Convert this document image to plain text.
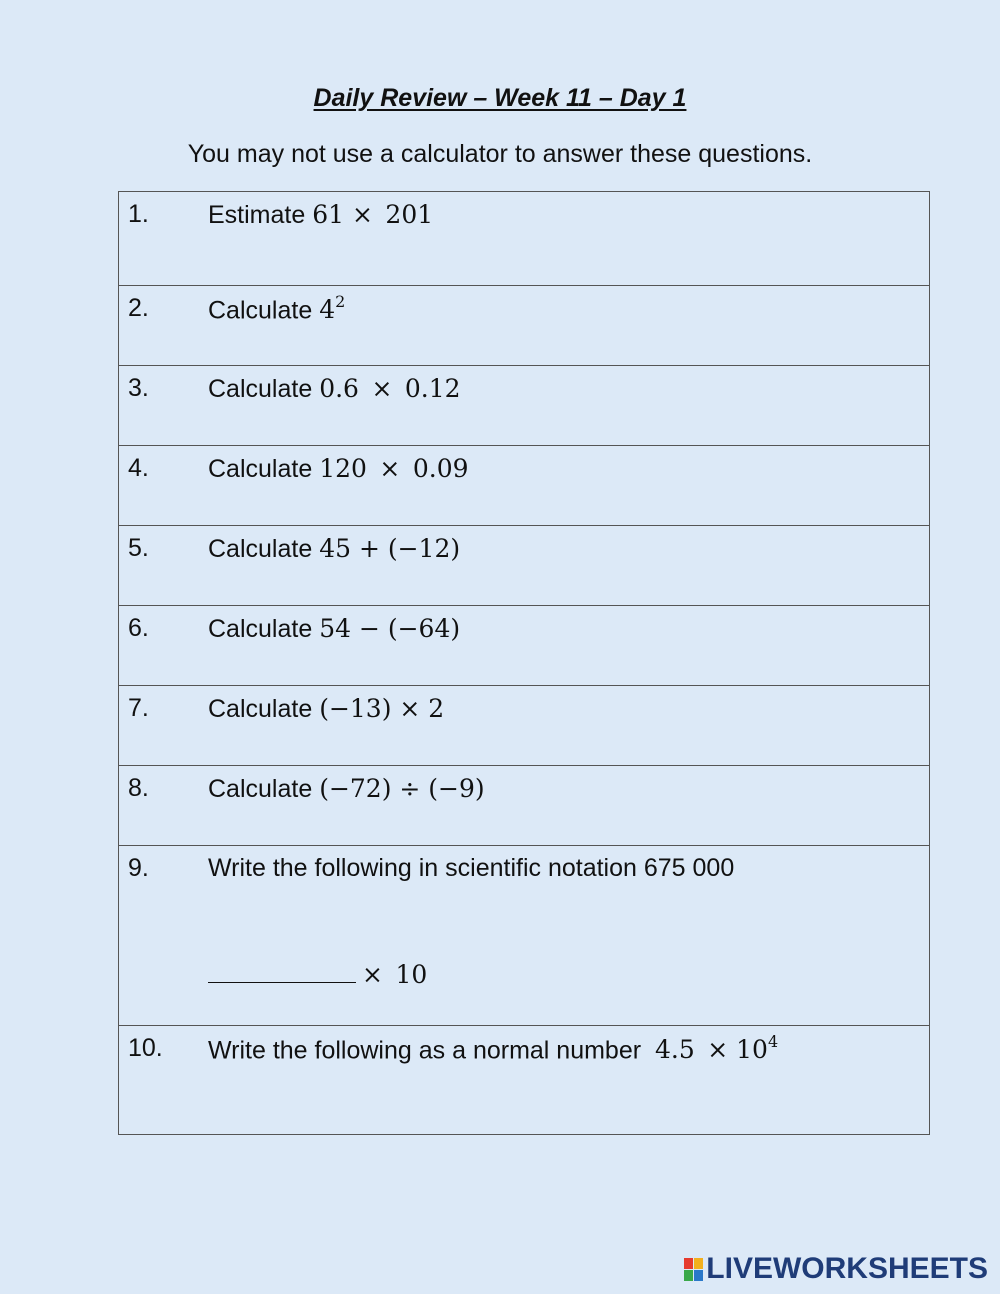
Daily Review – Week 11 – Day 1
You may not use a calculator to answer these questions.
1. Estimate 61 × 201

2. Calculate $4^2$

3. Calculate 0.6 × 0.12

4. Calculate 120 × 0.09

5. Calculate 45 + (−12)

6. Calculate 54 − (−64)

7. Calculate (−13) × 2

8. Calculate (−72) ÷ (−9)

9. Write the following in scientific notation 675 000
× 10

10. Write the following as a normal number 4.5 × $10^4$
LIVEWORKSHEETS
